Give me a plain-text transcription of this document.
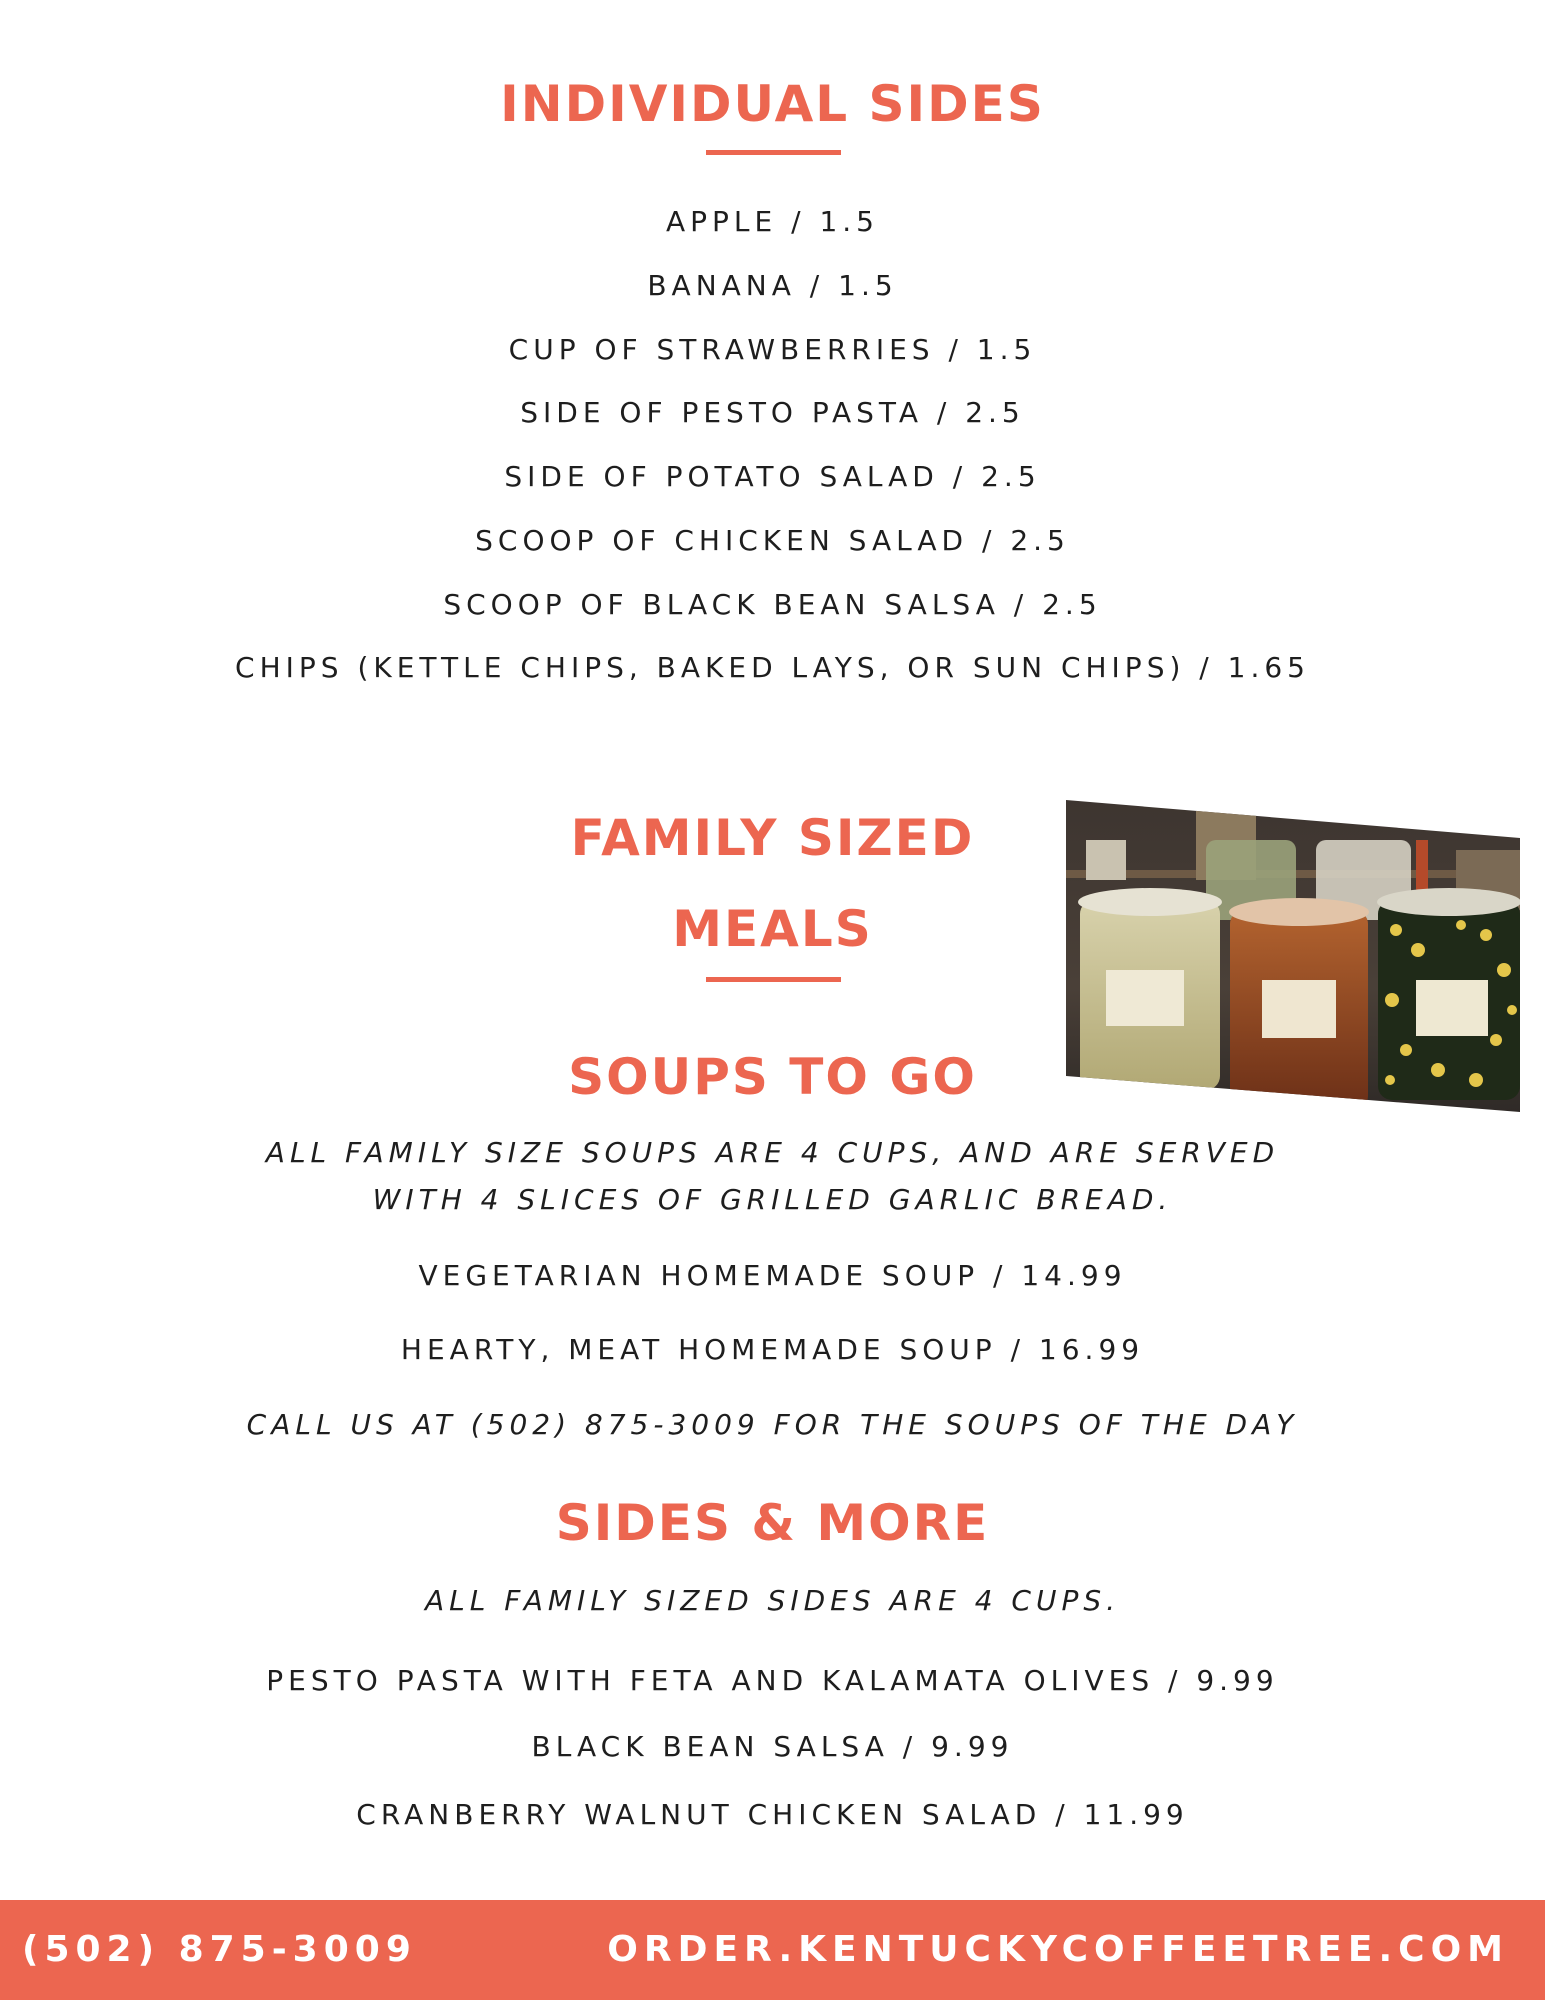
INDIVIDUAL SIDES
APPLE / 1.5
BANANA / 1.5
CUP OF STRAWBERRIES / 1.5
SIDE OF PESTO PASTA / 2.5
SIDE OF POTATO SALAD / 2.5
SCOOP OF CHICKEN SALAD / 2.5
SCOOP OF BLACK BEAN SALSA / 2.5
CHIPS (KETTLE CHIPS, BAKED LAYS, OR SUN CHIPS) / 1.65
FAMILY SIZED
MEALS
SOUPS TO GO
ALL FAMILY SIZE SOUPS ARE 4 CUPS, AND ARE SERVED
WITH 4 SLICES OF GRILLED GARLIC BREAD.
VEGETARIAN HOMEMADE SOUP / 14.99
HEARTY, MEAT HOMEMADE SOUP / 16.99
CALL US AT (502) 875-3009 FOR THE SOUPS OF THE DAY
SIDES & MORE
ALL FAMILY SIZED SIDES ARE 4 CUPS.
PESTO PASTA WITH FETA AND KALAMATA OLIVES / 9.99
BLACK BEAN SALSA / 9.99
CRANBERRY WALNUT CHICKEN SALAD / 11.99
(502) 875-3009	ORDER.KENTUCKYCOFFEETREE.COM
